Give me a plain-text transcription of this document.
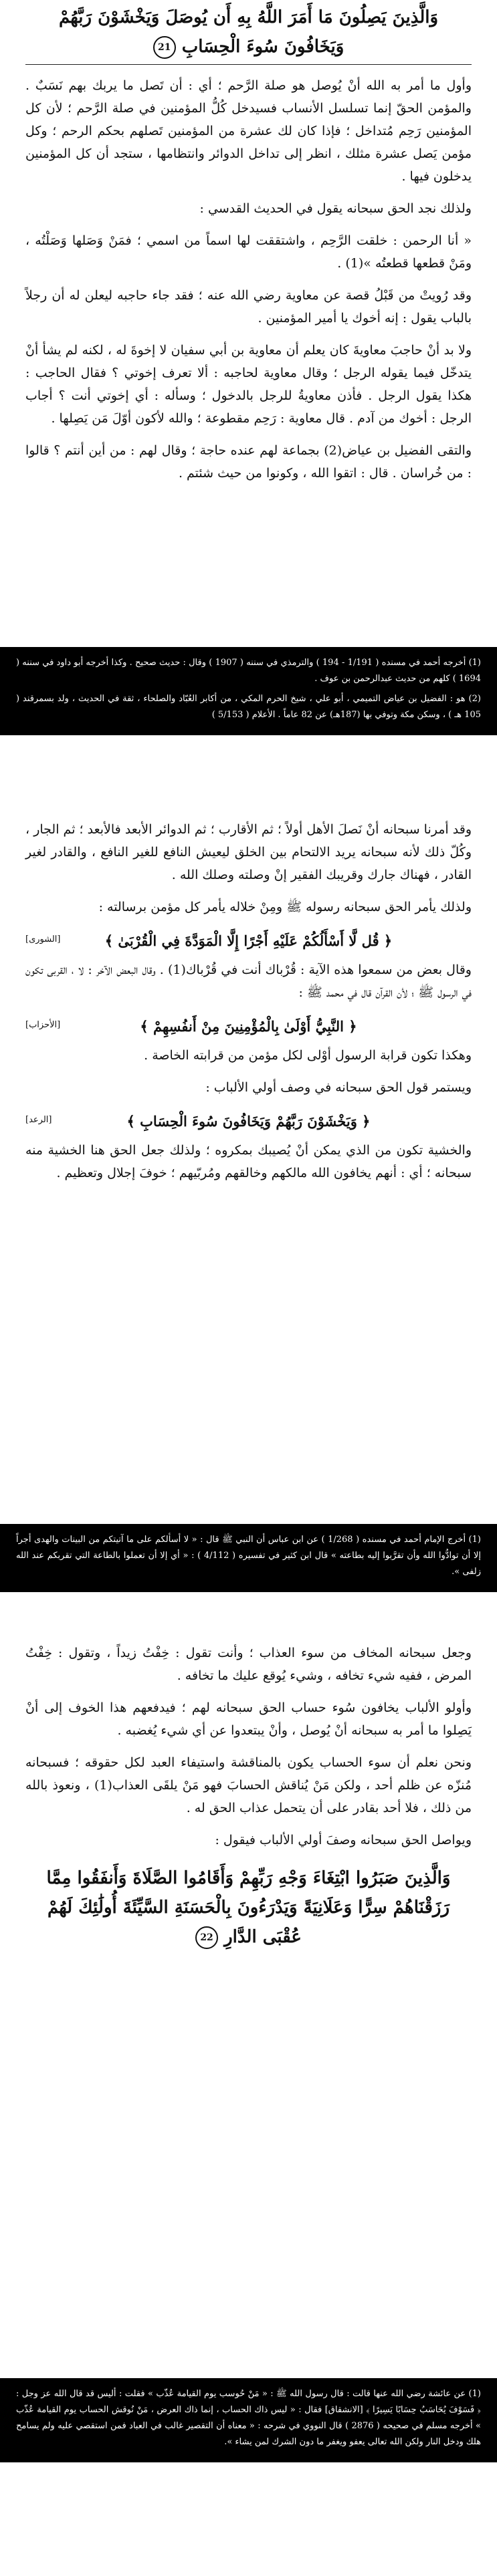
وَالَّذِينَ يَصِلُونَ مَا أَمَرَ اللَّهُ بِهِ أَن يُوصَلَ وَيَخْشَوْنَ رَبَّهُمْ وَيَخَافُونَ سُوءَ الْحِسَابِ 21

وأول ما أمر به الله أنْ يُوصل هو صلة الرَّحم ؛ أي : أن تَصل ما يربك بهم نَسَبٌ . والمؤمن الحقّ إنما تسلسل الأنساب فسيدخل كُلُّ المؤمنين في صلة الرَّحم ؛ لأن كل المؤمنين رَحِم مُتداخل ؛ فإذا كان لك عشرة من المؤمنين تَصلهم بحكم الرحم ؛ وكل مؤمن يَصل عشرة مثلك ، انظر إلى تداخل الدوائر وانتظامها ، ستجد أن كل المؤمنين يدخلون فيها .

ولذلك نجد الحق سبحانه يقول في الحديث القدسي :

« أنا الرحمن : خلقت الرَّحِم ، واشتققت لها اسماً من اسمي ؛ فمَنْ وَصَلها وَصَلْتُه ، ومَنْ قطعها قطعتُه »(1) .

وقد رُويتْ من قَبْلُ قصة عن معاوية رضي الله عنه ؛ فقد جاء حاجبه ليعلن له أن رجلاً بالباب يقول : إنه أخوك يا أمير المؤمنين .

ولا بد أنْ حاجبَ معاويةَ كان يعلم أن معاوية بن أبي سفيان لا إخوةَ له ، لكنه لم يشأ أنْ يتدخّل فيما يقوله الرجل ؛ وقال معاوية لحاجبه : ألا تعرف إخوتي ؟ فقال الحاجب : هكذا يقول الرجل . فأذن معاويةُ للرجل بالدخول ؛ وسأله : أي إخوتي أنت ؟ أجاب الرجل : أخوك من آدم . قال معاوية : رَحِم مقطوعة ؛ والله لأكون أوّلَ مَن يَصِلها .

والتقى الفضيل بن عياض(2) بجماعة لهم عنده حاجة ؛ وقال لهم : من أين أنتم ؟ قالوا : من خُراسان . قال : اتقوا الله ، وكونوا من حيث شئتم .

(1) أخرجه أحمد في مسنده ( 1/191 - 194 ) والترمذي في سننه ( 1907 ) وقال : حديث صحيح . وكذا أخرجه أبو داود في سننه ( 1694 ) كلهم من حديث عبدالرحمن بن عوف .

(2) هو : الفضيل بن عياض التميمي ، أبو علي ، شيخ الحرم المكي ، من أكابر العُبّاد والصلحاء ، ثقة في الحديث ، ولد بسمرقند ( 105 هـ ) ، وسكن مكة وتوفي بها (187هـ) عن 82 عاماً . الأعلام ( 5/153 )

وقد أمرنا سبحانه أنْ نَصلَ الأهل أولاً ؛ ثم الأقارب ؛ ثم الدوائر الأبعد فالأبعد ؛ ثم الجار ، وكُلّ ذلك لأنه سبحانه يريد الالتحام بين الخلق ليعيش النافع للغير النافع ، والقادر لغير القادر ، فهناك جارك وقريبك الفقير إنْ وصلته وصلك الله .

ولذلك يأمر الحق سبحانه رسوله ﷺ ومِنْ خلاله يأمر كل مؤمن برسالته :

﴿ قُل لَّا أَسْأَلُكُمْ عَلَيْهِ أَجْرًا إِلَّا الْمَوَدَّةَ فِي الْقُرْبَىٰ ﴾
[الشورى]

وقال بعض من سمعوا هذه الآية : قُرْباك أنت في قُرْباك(1) . وقال البعض الآخر : لا ، القربى تكون في الرسول ﷺ ؛ لأن القرآن قال في محمد ﷺ :

﴿ النَّبِيُّ أَوْلَىٰ بِالْمُؤْمِنِينَ مِنْ أَنفُسِهِمْ ﴾
[الأحزاب]

وهكذا تكون قرابة الرسول أوْلى لكل مؤمن من قرابته الخاصة .

ويستمر قول الحق سبحانه في وصف أولي الألباب :

﴿ وَيَخْشَوْنَ رَبَّهُمْ وَيَخَافُونَ سُوءَ الْحِسَابِ ﴾
[الرعد]

والخشية تكون من الذي يمكن أنْ يُصيبك بمكروه ؛ ولذلك جعل الحق هنا الخشية منه سبحانه ؛ أي : أنهم يخافون الله مالكهم وخالقهم ومُربّيهم ؛ خوفَ إجلال وتعظيم .

(1) أخرج الإمام أحمد في مسنده ( 1/268 ) عن ابن عباس أن النبي ﷺ قال : « لا أسألكم على ما آتيتكم من البينات والهدى أجراً إلا أن توادُّوا الله وأن تقرَّبوا إليه بطاعته » قال ابن كثير في تفسيره ( 4/112 ) : « أي إلا أن تعملوا بالطاعة التي تقربكم عند الله زلفى ».

وجعل سبحانه المخاف من سوء العذاب ؛ وأنت تقول : خِفْتُ زيداً ، وتقول : خِفْتُ المرض ، ففيه شيء تخافه ، وشيء يُوقع عليك ما تخافه .

وأولو الألباب يخافون سُوء حساب الحق سبحانه لهم ؛ فيدفعهم هذا الخوف إلى أنْ يَصِلوا ما أمر به سبحانه أنْ يُوصل ، وأنْ يبتعدوا عن أي شيء يُغضبه .

ونحن نعلم أن سوء الحساب يكون بالمناقشة واستيفاء العبد لكل حقوقه ؛ فسبحانه مُنزّه عن ظلم أحد ، ولكن مَنْ يُناقش الحسابَ فهو مَنْ يلقَى العذاب(1) ، ونعوذ بالله من ذلك ، فلا أحد بقادر على أن يتحمل عذاب الحق له .

ويواصل الحق سبحانه وصفَ أولي الألباب فيقول :

وَالَّذِينَ صَبَرُوا ابْتِغَاءَ وَجْهِ رَبِّهِمْ وَأَقَامُوا الصَّلَاةَ وَأَنفَقُوا مِمَّا رَزَقْنَاهُمْ سِرًّا وَعَلَانِيَةً وَيَدْرَءُونَ بِالْحَسَنَةِ السَّيِّئَةَ أُولَٰئِكَ لَهُمْ عُقْبَى الدَّارِ 22

(1) عن عائشة رضي الله عنها قالت : قال رسول الله ﷺ : « مَنْ حُوسب يوم القيامة عُذّب » فقلت : أليس قد قال الله عز وجل : ﴿ فَسَوْفَ يُحَاسَبُ حِسَابًا يَسِيرًا ﴾ [الانشقاق] فقال : « ليس ذاك الحساب ، إنما ذاك العرض ، مَنْ نُوقش الحساب يوم القيامة عُذّب » أخرجه مسلم في صحيحه ( 2876 ) قال النووي في شرحه : « معناه أن التقصير غالب في العباد فمن استقصي عليه ولم يسامح هلك ودخل النار ولكن الله تعالى يعفو ويغفر ما دون الشرك لمن يشاء ».
